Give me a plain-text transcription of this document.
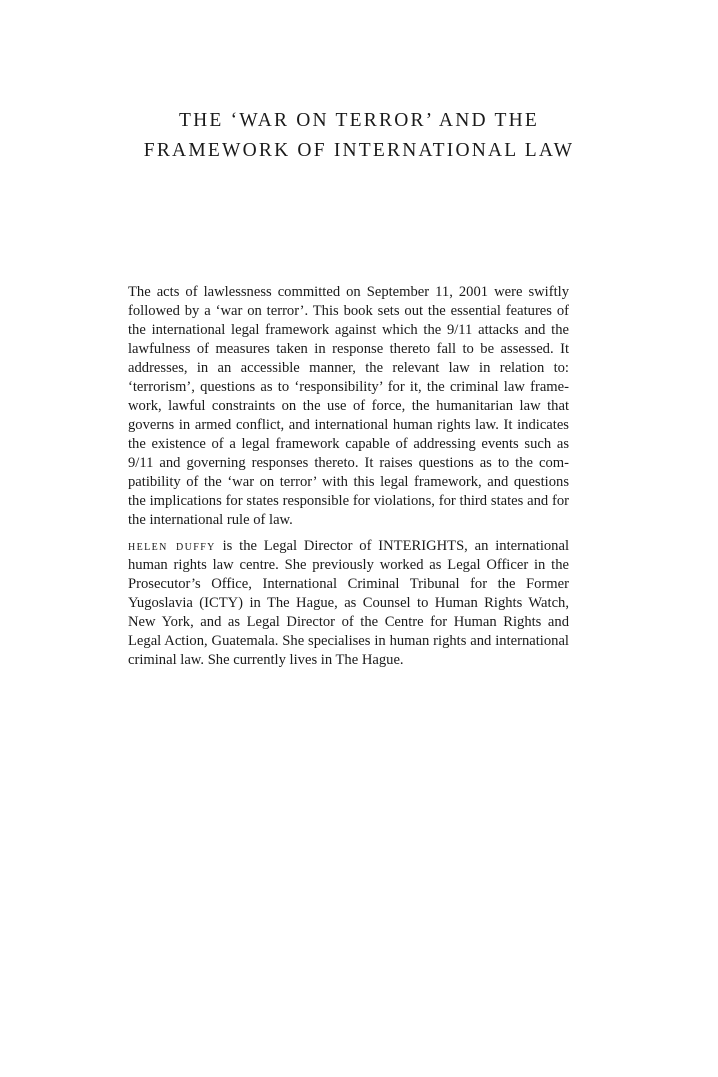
THE ‘WAR ON TERROR’ AND THE
FRAMEWORK OF INTERNATIONAL LAW

The acts of lawlessness committed on September 11, 2001 were swiftly followed by a ‘war on terror’. This book sets out the essential features of the international legal framework against which the 9/11 attacks and the lawfulness of measures taken in response thereto fall to be assessed. It addresses, in an accessible manner, the relevant law in relation to: ‘terrorism’, questions as to ‘responsibility’ for it, the criminal law framework, lawful constraints on the use of force, the humanitarian law that governs in armed conflict, and international human rights law. It indicates the existence of a legal framework capable of addressing events such as 9/11 and governing responses thereto. It raises questions as to the compatibility of the ‘war on terror’ with this legal framework, and questions the implications for states responsible for violations, for third states and for the international rule of law.

helen duffy is the Legal Director of INTERIGHTS, an international human rights law centre. She previously worked as Legal Officer in the Prosecutor’s Office, International Criminal Tribunal for the Former Yugoslavia (ICTY) in The Hague, as Counsel to Human Rights Watch, New York, and as Legal Director of the Centre for Human Rights and Legal Action, Guatemala. She specialises in human rights and international criminal law. She currently lives in The Hague.
